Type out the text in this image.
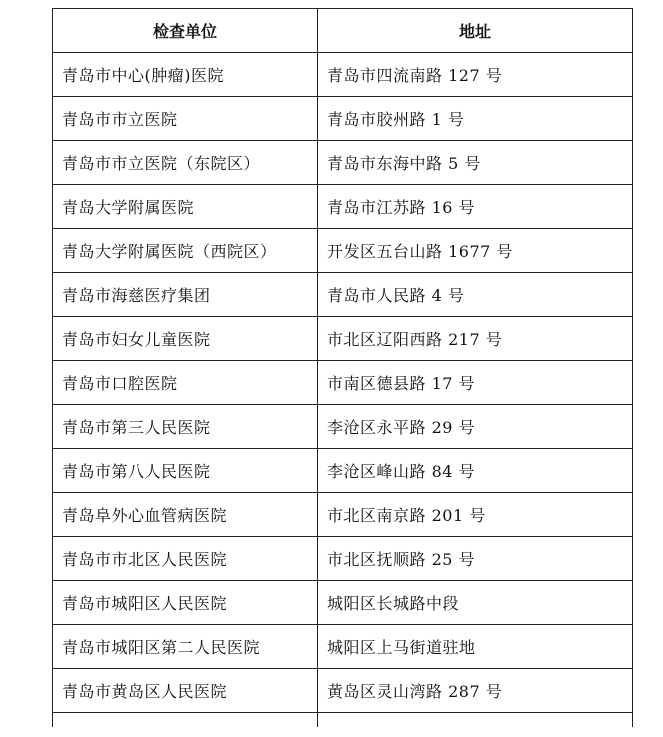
检查单位	地址
青岛市中心(肿瘤)医院	青岛市四流南路 127 号
青岛市市立医院	青岛市胶州路 1 号
青岛市市立医院（东院区）	青岛市东海中路 5 号
青岛大学附属医院	青岛市江苏路 16 号
青岛大学附属医院（西院区）	开发区五台山路 1677 号
青岛市海慈医疗集团	青岛市人民路 4 号
青岛市妇女儿童医院	市北区辽阳西路 217 号
青岛市口腔医院	市南区德县路 17 号
青岛市第三人民医院	李沧区永平路 29 号
青岛市第八人民医院	李沧区峰山路 84 号
青岛阜外心血管病医院	市北区南京路 201 号
青岛市市北区人民医院	市北区抚顺路 25 号
青岛市城阳区人民医院	城阳区长城路中段
青岛市城阳区第二人民医院	城阳区上马街道驻地
青岛市黄岛区人民医院	黄岛区灵山湾路 287 号
